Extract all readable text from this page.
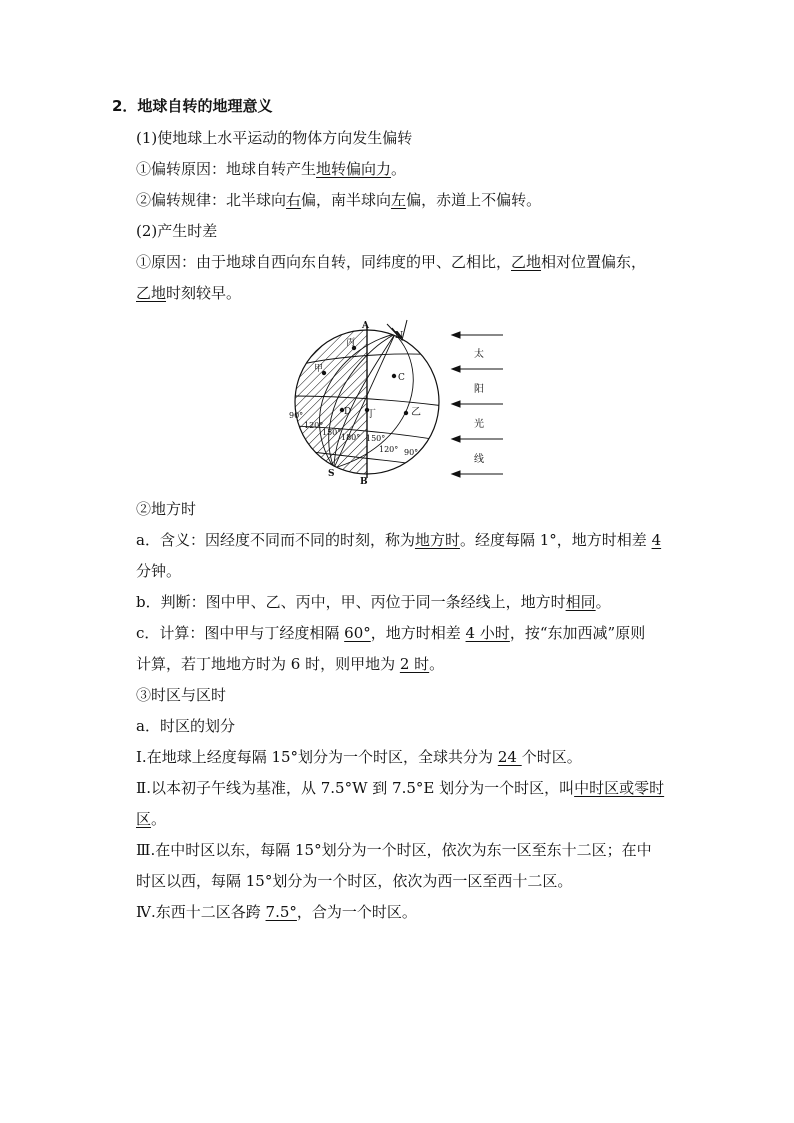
2．地球自转的地理意义
(1)使地球上水平运动的物体方向发生偏转
①偏转原因：地球自转产生地转偏向力。
②偏转规律：北半球向右偏，南半球向左偏，赤道上不偏转。
(2)产生时差
①原因：由于地球自西向东自转，同纬度的甲、乙相比，乙地相对位置偏东，
乙地时刻较早。
A
N
S
B
C
D
丙
甲
丁	乙
90°
120°
150°
180° 150°
120° 90°
太
阳
光
线
②地方时
a．含义：因经度不同而不同的时刻，称为地方时。经度每隔 1°，地方时相差 4
分钟。
b．判断：图中甲、乙、丙中，甲、丙位于同一条经线上，地方时相同。
c．计算：图中甲与丁经度相隔 60°，地方时相差 4 小时，按“东加西减”原则
计算，若丁地地方时为 6 时，则甲地为 2 时。
③时区与区时
a．时区的划分
Ⅰ.在地球上经度每隔 15°划分为一个时区，全球共分为 24 个时区。
Ⅱ.以本初子午线为基准，从 7.5°W 到 7.5°E 划分为一个时区，叫中时区或零时
区。
Ⅲ.在中时区以东，每隔 15°划分为一个时区，依次为东一区至东十二区；在中
时区以西，每隔 15°划分为一个时区，依次为西一区至西十二区。
Ⅳ.东西十二区各跨 7.5°，合为一个时区。
